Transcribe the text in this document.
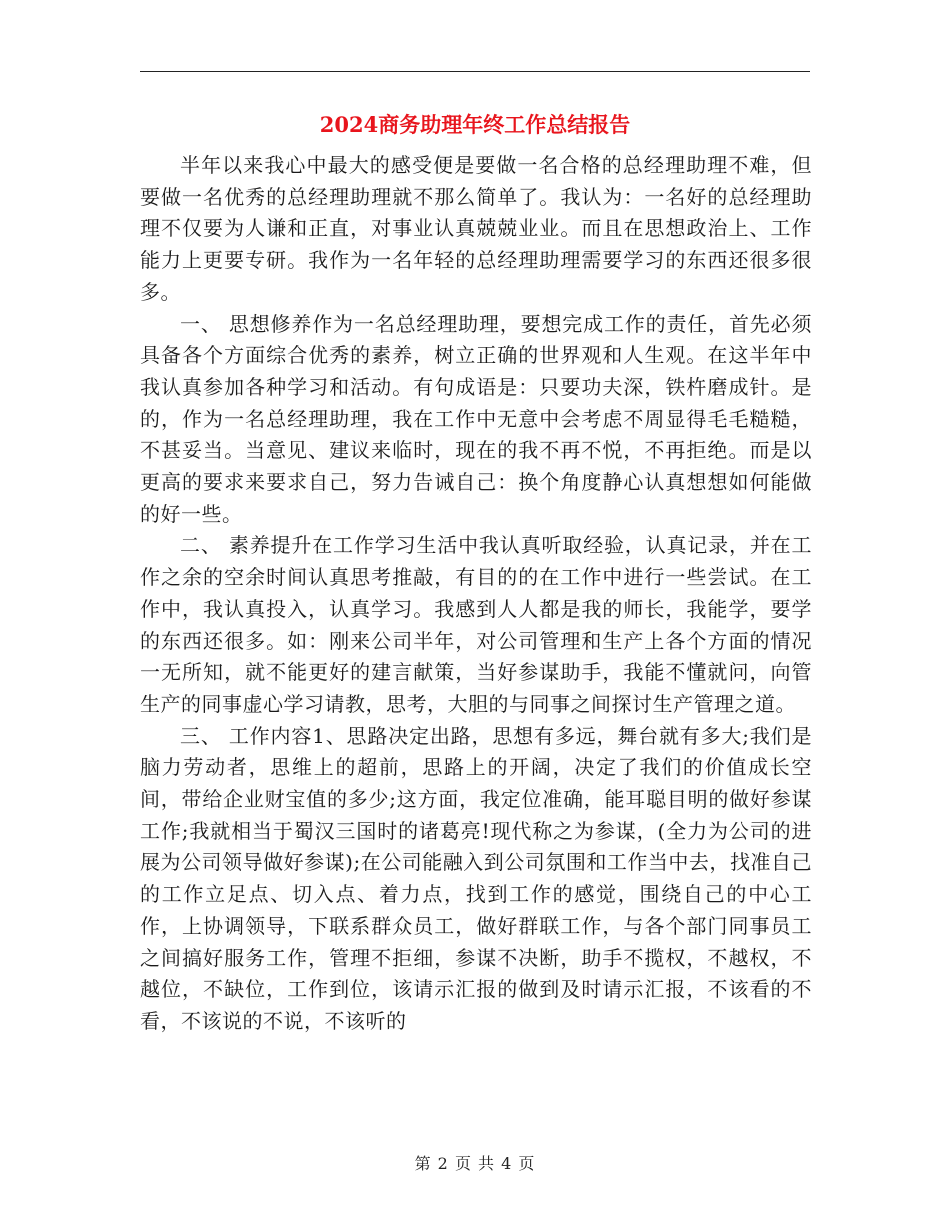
2024商务助理年终工作总结报告

半年以来我心中最大的感受便是要做一名合格的总经理助理不难，但要做一名优秀的总经理助理就不那么简单了。我认为：一名好的总经理助理不仅要为人谦和正直，对事业认真兢兢业业。而且在思想政治上、工作能力上更要专研。我作为一名年轻的总经理助理需要学习的东西还很多很多。

一、 思想修养作为一名总经理助理，要想完成工作的责任，首先必须具备各个方面综合优秀的素养，树立正确的世界观和人生观。在这半年中我认真参加各种学习和活动。有句成语是：只要功夫深，铁杵磨成针。是的，作为一名总经理助理，我在工作中无意中会考虑不周显得毛毛糙糙，不甚妥当。当意见、建议来临时，现在的我不再不悦，不再拒绝。而是以更高的要求来要求自己，努力告诫自己：换个角度静心认真想想如何能做的好一些。

二、 素养提升在工作学习生活中我认真听取经验，认真记录，并在工作之余的空余时间认真思考推敲，有目的的在工作中进行一些尝试。在工作中，我认真投入，认真学习。我感到人人都是我的师长，我能学，要学的东西还很多。如：刚来公司半年，对公司管理和生产上各个方面的情况一无所知，就不能更好的建言献策，当好参谋助手，我能不懂就问，向管生产的同事虚心学习请教，思考，大胆的与同事之间探讨生产管理之道。

三、 工作内容1、思路决定出路，思想有多远，舞台就有多大;我们是脑力劳动者，思维上的超前，思路上的开阔，决定了我们的价值成长空间，带给企业财宝值的多少;这方面，我定位准确，能耳聪目明的做好参谋工作;我就相当于蜀汉三国时的诸葛亮!现代称之为参谋，(全力为公司的进展为公司领导做好参谋);在公司能融入到公司氛围和工作当中去，找准自己的工作立足点、切入点、着力点，找到工作的感觉，围绕自己的中心工作，上协调领导，下联系群众员工，做好群联工作，与各个部门同事员工之间搞好服务工作，管理不拒细，参谋不决断，助手不揽权，不越权，不越位，不缺位，工作到位，该请示汇报的做到及时请示汇报，不该看的不看，不该说的不说，不该听的

第 2 页 共 4 页
